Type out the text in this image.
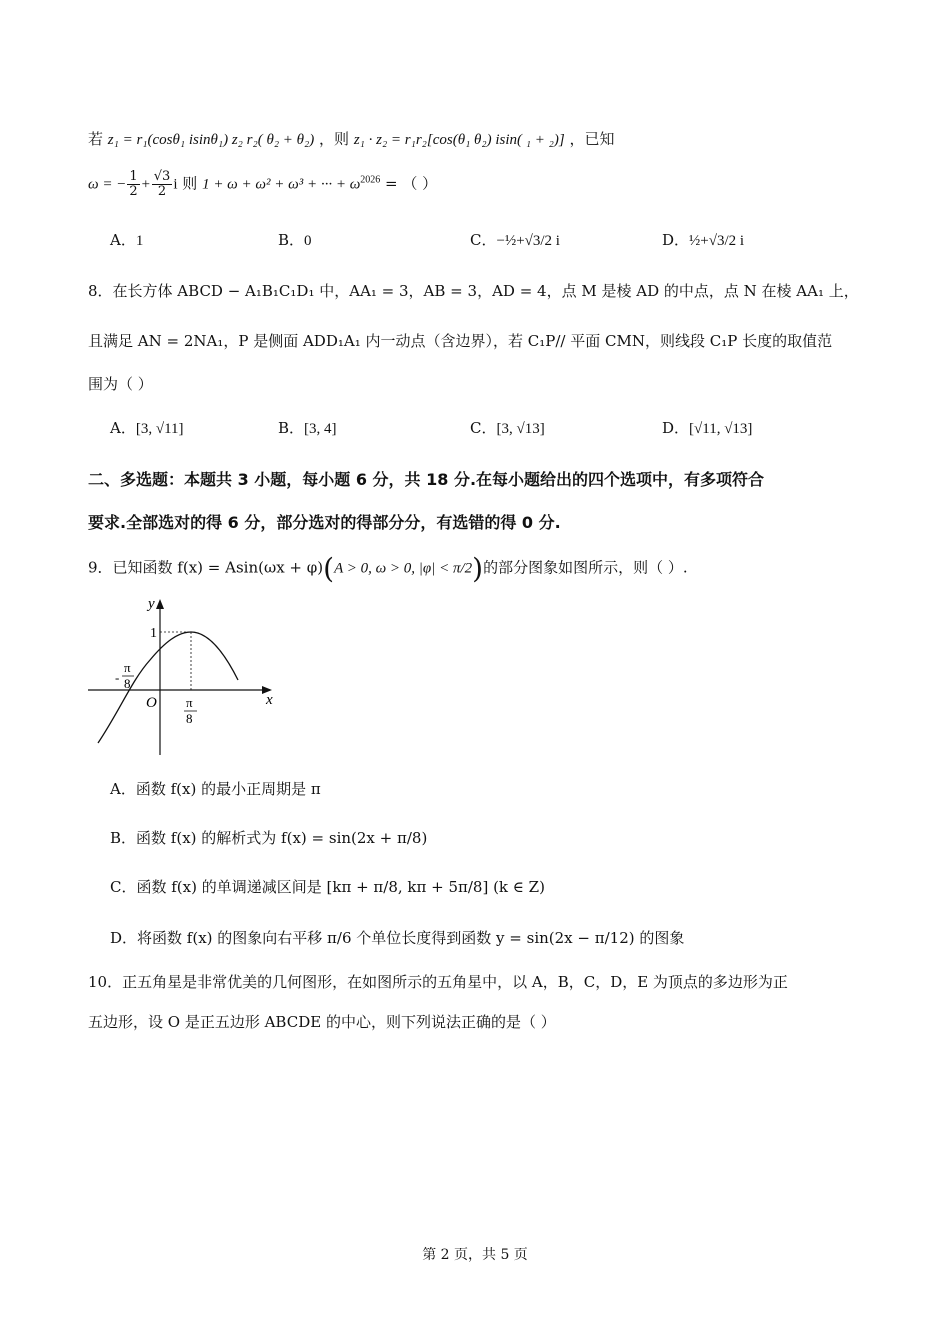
若 z₁ = r₁(cosθ₁ isinθ₁) z₂ r₂( θ₂ + θ₂) ，则 z₁ · z₂ = r₁r₂[cos(θ₁ θ₂) isin( ₁ + ₂)] ，已知
ω = − $\frac{1}{2} + \frac{√3}{2}$ i 则 1 + ω + ω² + ω³ + ··· + $\omega^{2026}$ = （ ）
A．1	B．0	C．−½+√3/2 i	D．½+√3/2 i
8．在长方体 ABCD − A₁B₁C₁D₁ 中，AA₁ = 3，AB = 3，AD = 4，点 M 是棱 AD 的中点，点 N 在棱 AA₁ 上，
且满足 AN = 2NA₁，P 是侧面 ADD₁A₁ 内一动点（含边界），若 C₁P// 平面 CMN，则线段 C₁P 长度的取值范
围为（ ）
A．[3, √11]	B．[3, 4]	C．[3, √13]	D．[√11, √13]
二、多选题：本题共 3 小题，每小题 6 分，共 18 分.在每小题给出的四个选项中，有多项符合
要求.全部选对的得 6 分，部分选对的得部分分，有选错的得 0 分.
9．已知函数 f(x) = Asin(ωx + φ)(A > 0, ω > 0, |φ| < π/2)的部分图象如图所示，则（ ）.
y
x
O
1
π
- 8
π
8
A．函数 f(x) 的最小正周期是 π
B．函数 f(x) 的解析式为 f(x) = sin(2x + π/8)
C．函数 f(x) 的单调递减区间是 [kπ + π/8, kπ + 5π/8] (k ∈ Z)
D．将函数 f(x) 的图象向右平移 π/6 个单位长度得到函数 y = sin(2x − π/12) 的图象
10．正五角星是非常优美的几何图形，在如图所示的五角星中，以 A，B，C，D，E 为顶点的多边形为正
五边形，设 O 是正五边形 ABCDE 的中心，则下列说法正确的是（ ）
第 2 页，共 5 页
